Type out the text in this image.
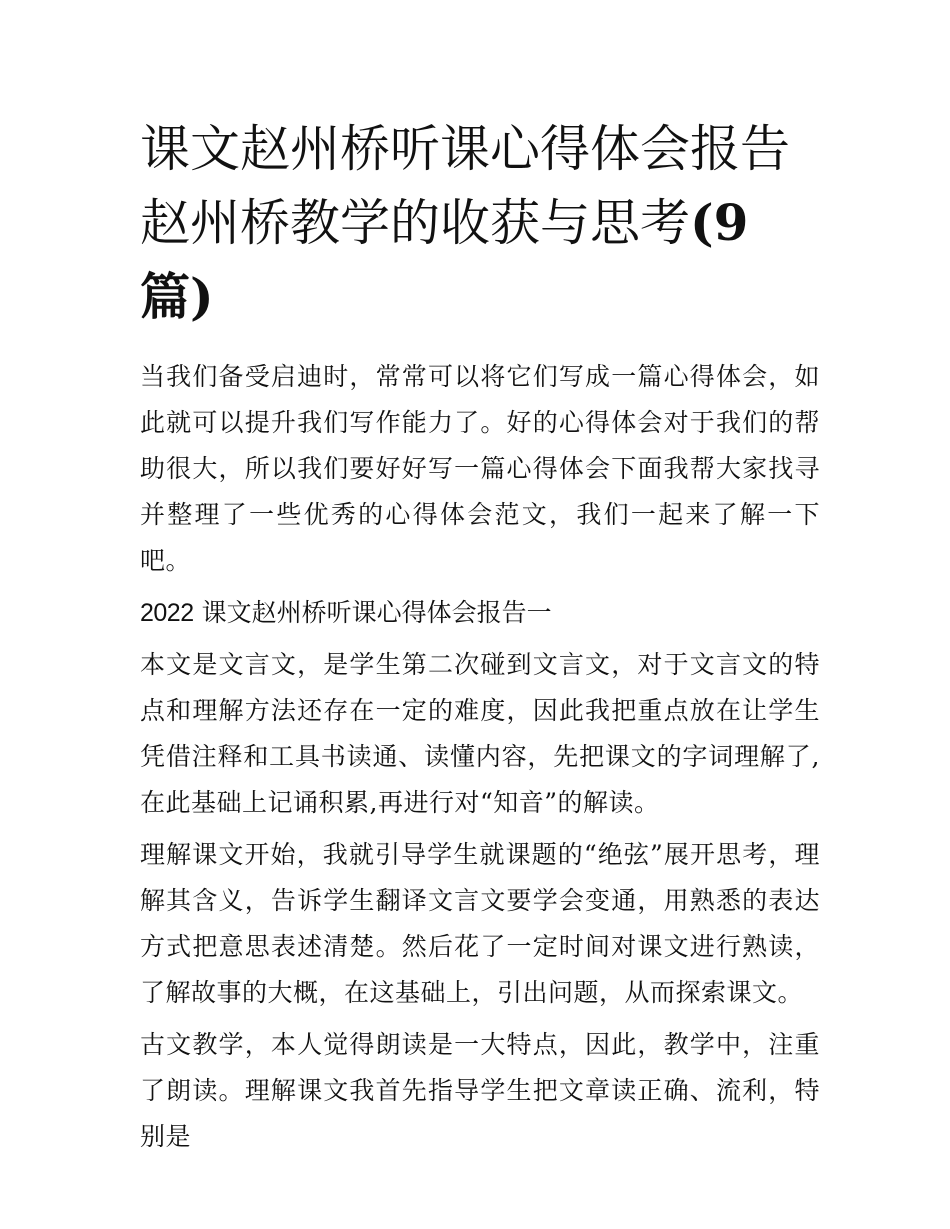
课文赵州桥听课心得体会报告赵州桥教学的收获与思考(9篇)

当我们备受启迪时，常常可以将它们写成一篇心得体会，如此就可以提升我们写作能力了。好的心得体会对于我们的帮助很大，所以我们要好好写一篇心得体会下面我帮大家找寻并整理了一些优秀的心得体会范文，我们一起来了解一下吧。

2022 课文赵州桥听课心得体会报告一

本文是文言文，是学生第二次碰到文言文，对于文言文的特点和理解方法还存在一定的难度，因此我把重点放在让学生凭借注释和工具书读通、读懂内容，先把课文的字词理解了,在此基础上记诵积累,再进行对“知音”的解读。

理解课文开始，我就引导学生就课题的“绝弦”展开思考，理解其含义，告诉学生翻译文言文要学会变通，用熟悉的表达方式把意思表述清楚。然后花了一定时间对课文进行熟读，了解故事的大概，在这基础上，引出问题，从而探索课文。

古文教学，本人觉得朗读是一大特点，因此，教学中，注重了朗读。理解课文我首先指导学生把文章读正确、流利，特别是
